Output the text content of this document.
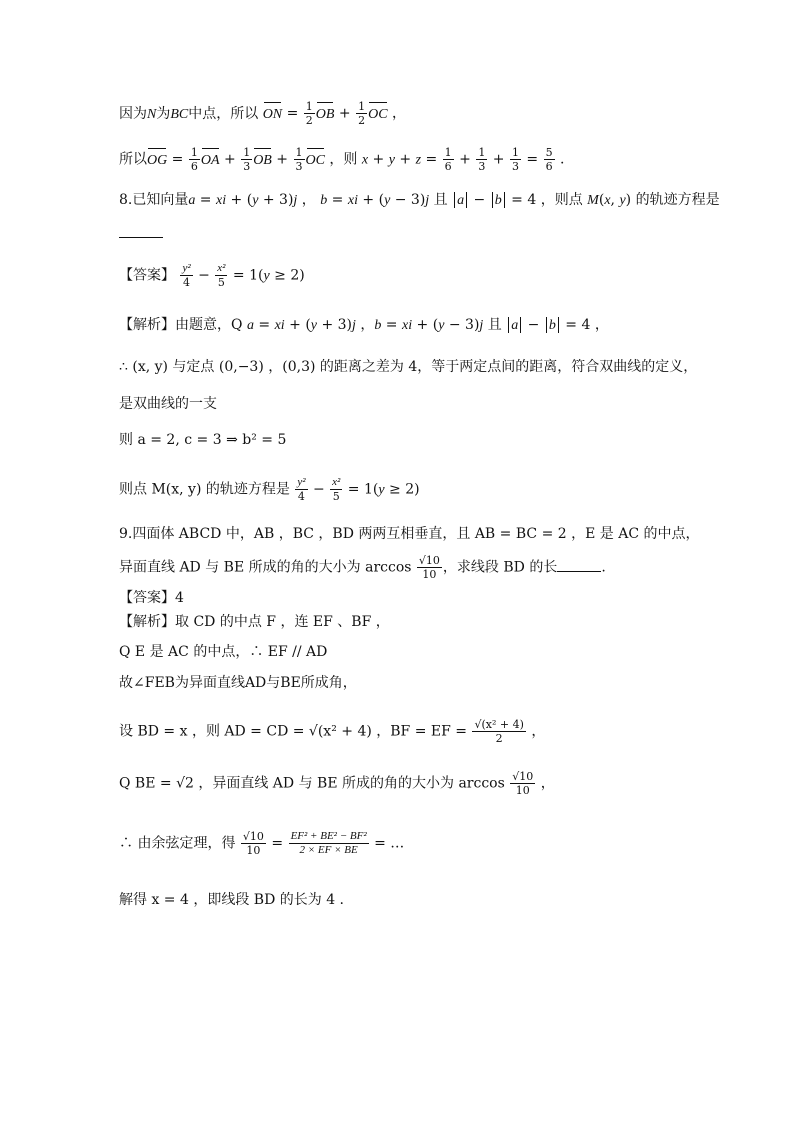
因为N为BC中点，所以 ON = $\frac{1}{2}$ OB + $\frac{1}{2}$ OC ，
所以OG = $\frac{1}{6}$ OA + $\frac{1}{3}$ OB + $\frac{1}{3}$ OC ，则 $x + y + z = \frac{1}{6} + \frac{1}{3} + \frac{1}{3} = \frac{5}{6}$ .
8.已知向量a = xi + (y + 3)j ， b = xi + (y − 3)j 且 a − b = 4 ，则点 M(x, y) 的轨迹方程是
【答案】 $\frac{\text{y²}}{4} - \frac{\text{x²}}{5} = 1(y \ge 2)$
【解析】由题意，Q a = xi + (y + 3)j ，b = xi + (y − 3)j 且 a − b = 4 ，
∴ (x, y) 与定点 (0,−3) ，(0,3) 的距离之差为 4，等于两定点间的距离，符合双曲线的定义，
是双曲线的一支
则 a = 2, c = 3 ⇒ b² = 5
则点 M(x, y) 的轨迹方程是 $\frac{\text{y²}}{4} - \frac{\text{x²}}{5} = 1(y \ge 2)$
9.四面体 ABCD 中，AB ，BC ，BD 两两互相垂直，且 AB = BC = 2 ，E 是 AC 的中点，
异面直线 AD 与 BE 所成的角的大小为 $\arccos \frac{√10}{10}$ ，求线段 BD 的长	.
【答案】4
【解析】取 CD 的中点 F ，连 EF 、BF ，
Q E 是 AC 的中点，∴ EF // AD
故∠FEB为异面直线AD与BE所成角，
设 BD = x ，则 AD = CD = √(x² + 4) ，BF = EF = $\frac{\text{√(x² + 4)}}{2}$ ，
Q BE = √2 ，异面直线 AD 与 BE 所成的角的大小为 $\arccos \frac{√10}{10}$ ，
∴ 由余弦定理，得 $\frac{√10}{10} = \frac{\text{EF² + BE² − BF²}}{2 \times EF \times BE}$ = …
解得 x = 4 ，即线段 BD 的长为 4 .
